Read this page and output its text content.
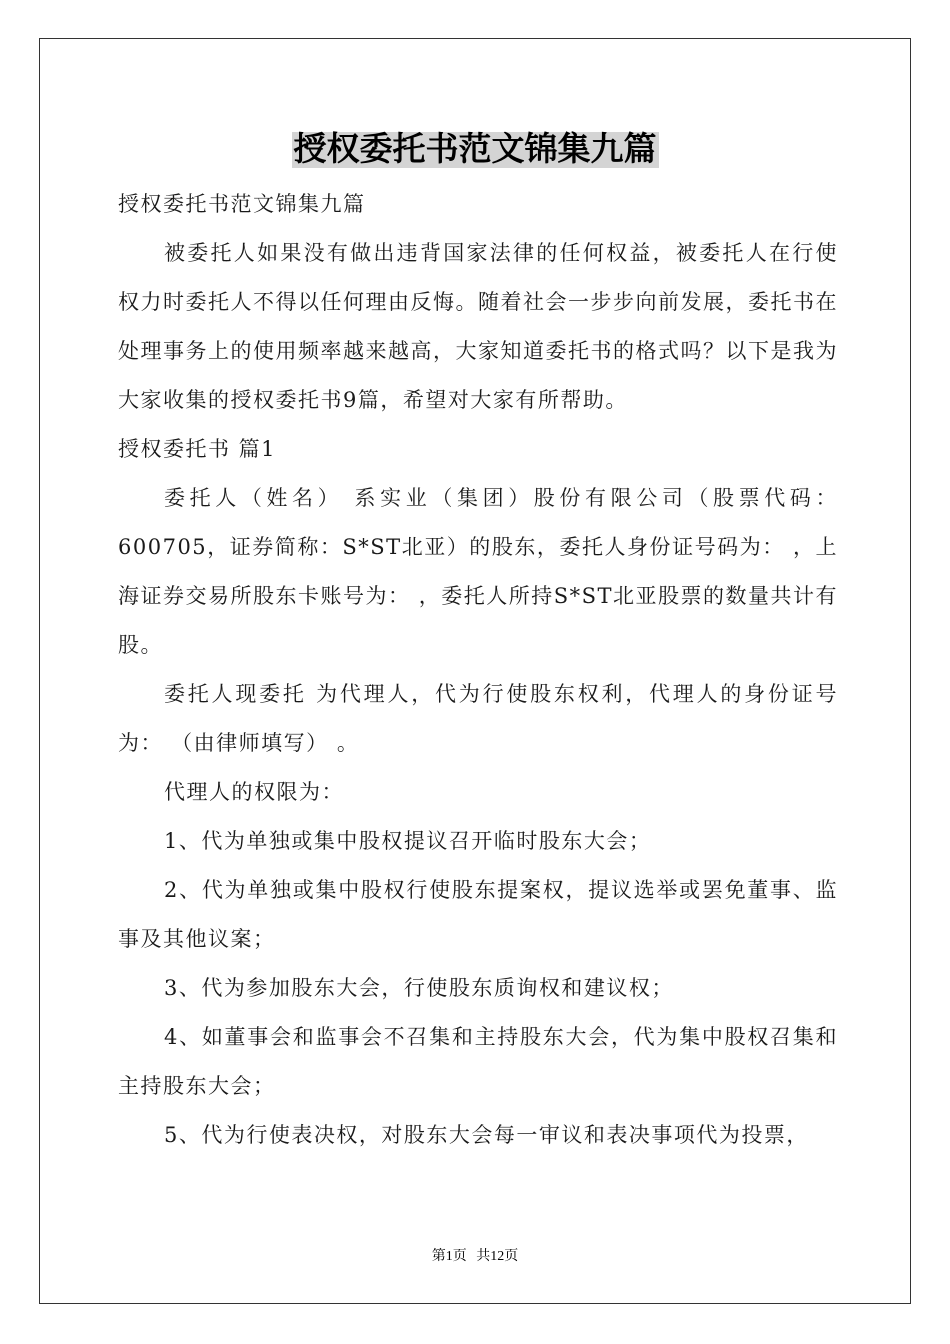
授权委托书范文锦集九篇

授权委托书范文锦集九篇

被委托人如果没有做出违背国家法律的任何权益，被委托人在行使权力时委托人不得以任何理由反悔。随着社会一步步向前发展，委托书在处理事务上的使用频率越来越高，大家知道委托书的格式吗？以下是我为大家收集的授权委托书9篇，希望对大家有所帮助。

授权委托书 篇1

委托人（姓名） 系实业（集团）股份有限公司（股票代码：600705，证券简称：S*ST北亚）的股东，委托人身份证号码为： ，上海证券交易所股东卡账号为： ，委托人所持S*ST北亚股票的数量共计有 股。

委托人现委托 为代理人，代为行使股东权利，代理人的身份证号为： （由律师填写） 。

代理人的权限为：

1、代为单独或集中股权提议召开临时股东大会；

2、代为单独或集中股权行使股东提案权，提议选举或罢免董事、监事及其他议案；

3、代为参加股东大会，行使股东质询权和建议权；

4、如董事会和监事会不召集和主持股东大会，代为集中股权召集和主持股东大会；

5、代为行使表决权，对股东大会每一审议和表决事项代为投票，

第1页 共12页
